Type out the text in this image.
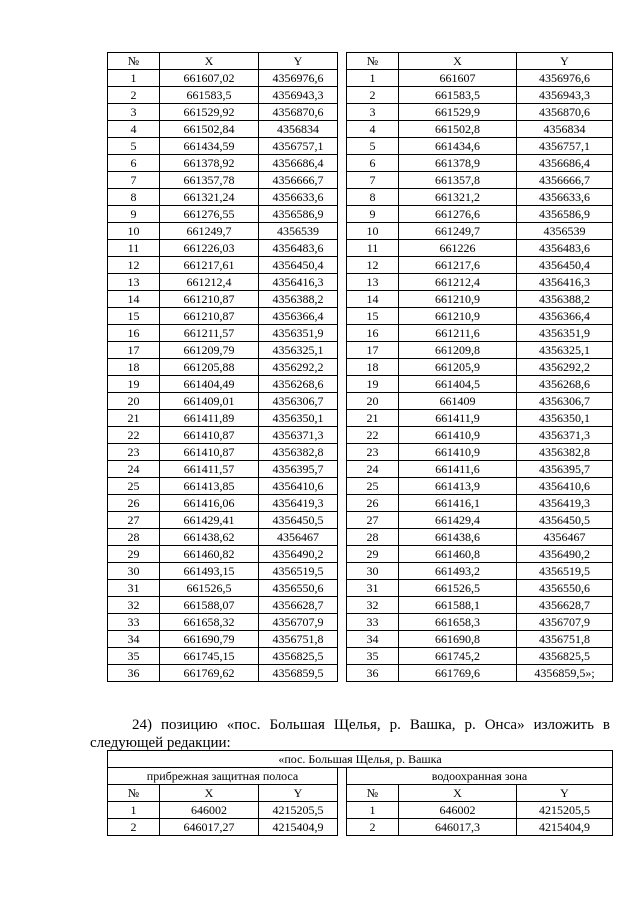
№	X	Y		№	X	Y
1	661607,02	4356976,6		1	661607	4356976,6
2	661583,5	4356943,3		2	661583,5	4356943,3
3	661529,92	4356870,6		3	661529,9	4356870,6
4	661502,84	4356834		4	661502,8	4356834
5	661434,59	4356757,1		5	661434,6	4356757,1
6	661378,92	4356686,4		6	661378,9	4356686,4
7	661357,78	4356666,7		7	661357,8	4356666,7
8	661321,24	4356633,6		8	661321,2	4356633,6
9	661276,55	4356586,9		9	661276,6	4356586,9
10	661249,7	4356539		10	661249,7	4356539
11	661226,03	4356483,6		11	661226	4356483,6
12	661217,61	4356450,4		12	661217,6	4356450,4
13	661212,4	4356416,3		13	661212,4	4356416,3
14	661210,87	4356388,2		14	661210,9	4356388,2
15	661210,87	4356366,4		15	661210,9	4356366,4
16	661211,57	4356351,9		16	661211,6	4356351,9
17	661209,79	4356325,1		17	661209,8	4356325,1
18	661205,88	4356292,2		18	661205,9	4356292,2
19	661404,49	4356268,6		19	661404,5	4356268,6
20	661409,01	4356306,7		20	661409	4356306,7
21	661411,89	4356350,1		21	661411,9	4356350,1
22	661410,87	4356371,3		22	661410,9	4356371,3
23	661410,87	4356382,8		23	661410,9	4356382,8
24	661411,57	4356395,7		24	661411,6	4356395,7
25	661413,85	4356410,6		25	661413,9	4356410,6
26	661416,06	4356419,3		26	661416,1	4356419,3
27	661429,41	4356450,5		27	661429,4	4356450,5
28	661438,62	4356467		28	661438,6	4356467
29	661460,82	4356490,2		29	661460,8	4356490,2
30	661493,15	4356519,5		30	661493,2	4356519,5
31	661526,5	4356550,6		31	661526,5	4356550,6
32	661588,07	4356628,7		32	661588,1	4356628,7
33	661658,32	4356707,9		33	661658,3	4356707,9
34	661690,79	4356751,8		34	661690,8	4356751,8
35	661745,15	4356825,5		35	661745,2	4356825,5
36	661769,62	4356859,5		36	661769,6	4356859,5»;
24) позицию «пос. Большая Щелья, р. Вашка, р. Онса» изложить в
следующей редакции:
«пос. Большая Щелья, р. Вашка						
прибрежная защитная полоса				водоохранная зона		
№	X	Y		№	X	Y
1	646002	4215205,5		1	646002	4215205,5
2	646017,27	4215404,9		2	646017,3	4215404,9
